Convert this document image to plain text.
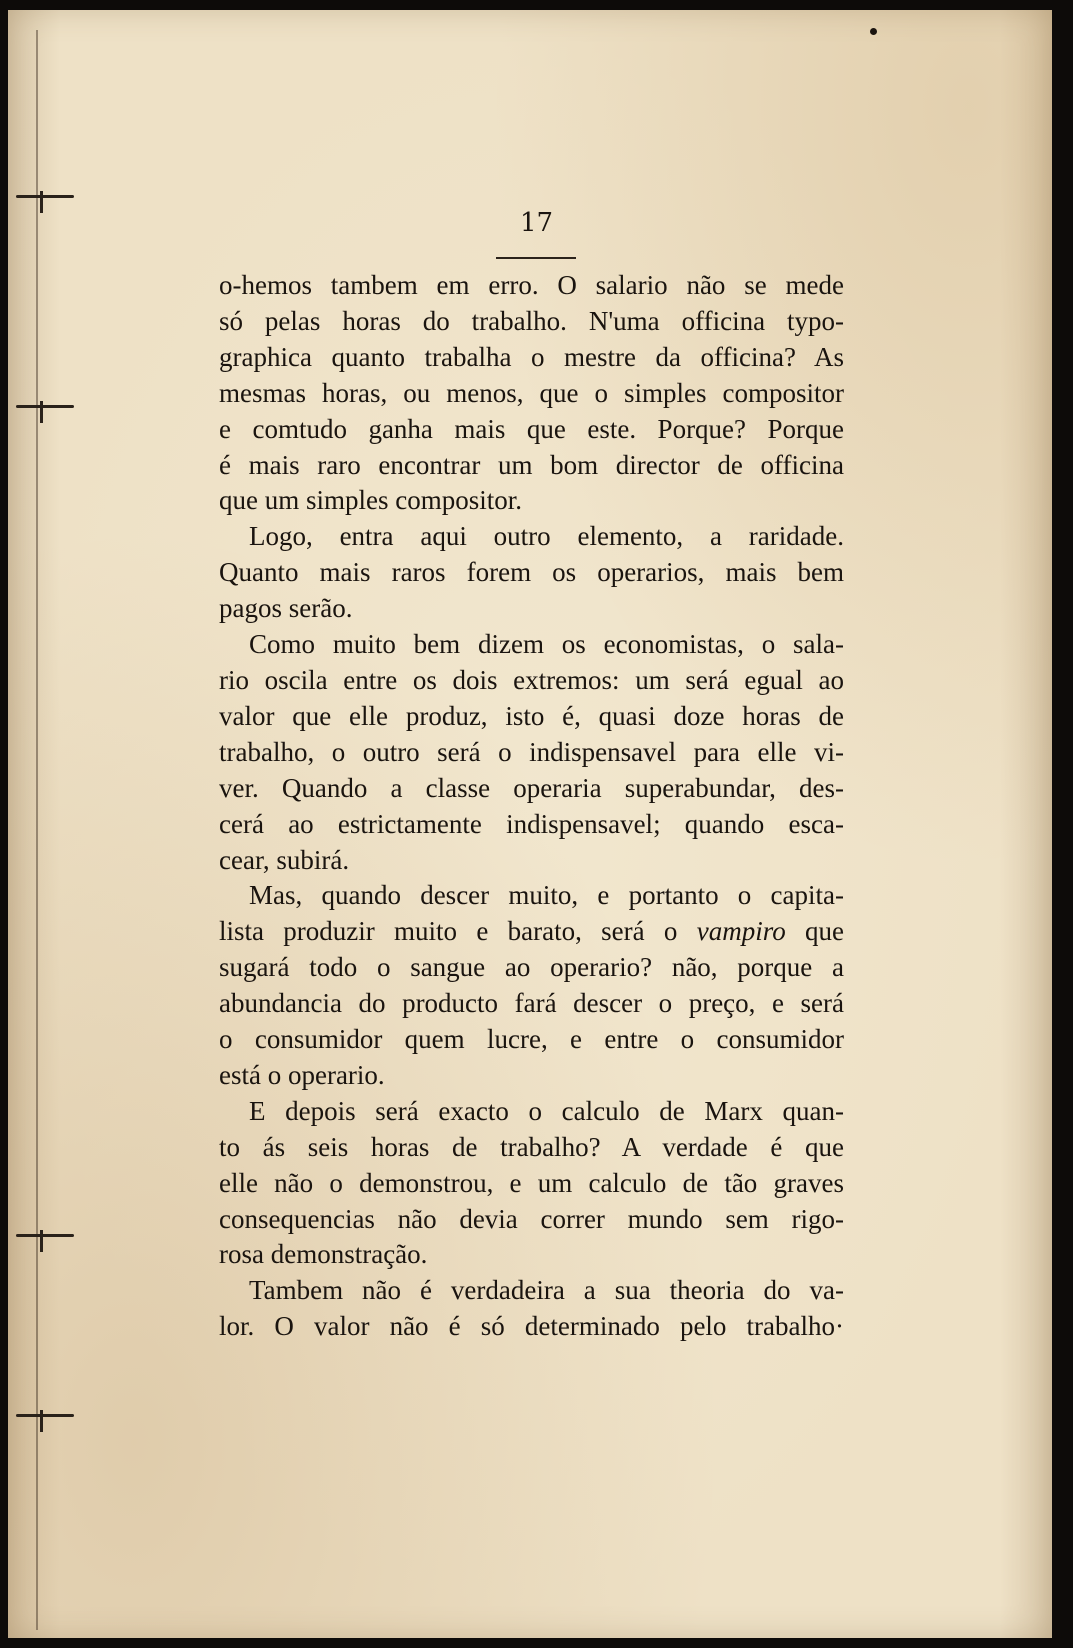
17

o-hemos tambem em erro. O salario não se mede
só pelas horas do trabalho. N'uma officina typo-
graphica quanto trabalha o mestre da officina? As
mesmas horas, ou menos, que o simples compositor
e comtudo ganha mais que este. Porque? Porque
é mais raro encontrar um bom director de officina
que um simples compositor.

Logo, entra aqui outro elemento, a raridade.
Quanto mais raros forem os operarios, mais bem
pagos serão.

Como muito bem dizem os economistas, o sala-
rio oscila entre os dois extremos: um será egual ao
valor que elle produz, isto é, quasi doze horas de
trabalho, o outro será o indispensavel para elle vi-
ver. Quando a classe operaria superabundar, des-
cerá ao estrictamente indispensavel; quando esca-
cear, subirá.

Mas, quando descer muito, e portanto o capita-
lista produzir muito e barato, será o vampiro que
sugará todo o sangue ao operario? não, porque a
abundancia do producto fará descer o preço, e será
o consumidor quem lucre, e entre o consumidor
está o operario.

E depois será exacto o calculo de Marx quan-
to ás seis horas de trabalho? A verdade é que
elle não o demonstrou, e um calculo de tão graves
consequencias não devia correr mundo sem rigo-
rosa demonstração.

Tambem não é verdadeira a sua theoria do va-
lor. O valor não é só determinado pelo trabalho·
